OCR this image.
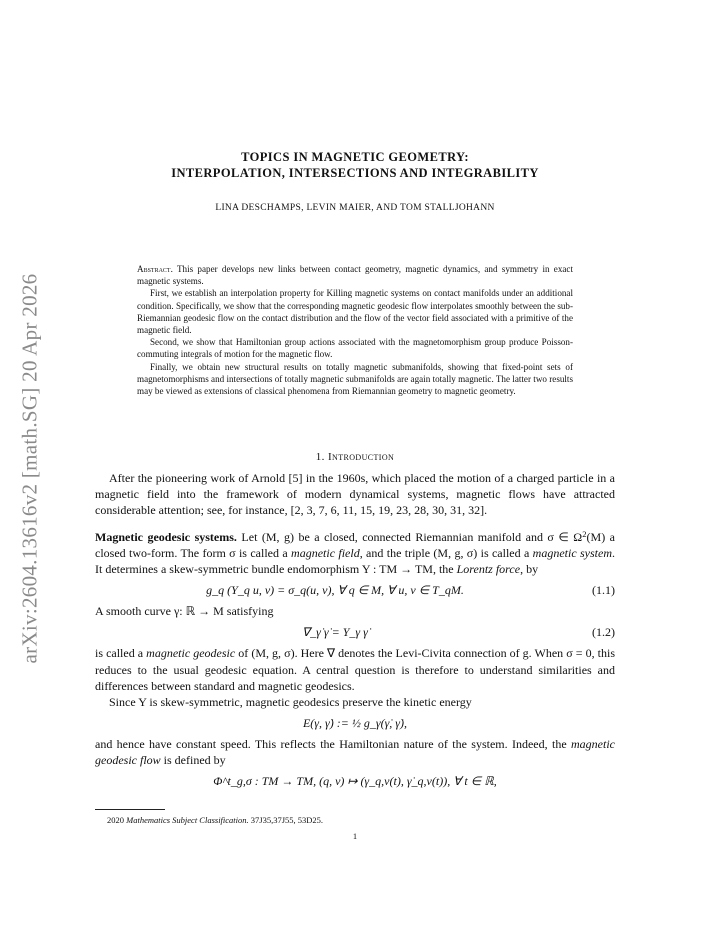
arXiv:2604.13616v2 [math.SG] 20 Apr 2026
TOPICS IN MAGNETIC GEOMETRY:
INTERPOLATION, INTERSECTIONS AND INTEGRABILITY
LINA DESCHAMPS, LEVIN MAIER, AND TOM STALLJOHANN

Abstract. This paper develops new links between contact geometry, magnetic dynamics, and symmetry in exact magnetic systems.

First, we establish an interpolation property for Killing magnetic systems on contact manifolds under an additional condition. Specifically, we show that the corresponding magnetic geodesic flow interpolates smoothly between the sub-Riemannian geodesic flow on the contact distribution and the flow of the vector field associated with a primitive of the magnetic field.

Second, we show that Hamiltonian group actions associated with the magnetomorphism group produce Poisson-commuting integrals of motion for the magnetic flow.

Finally, we obtain new structural results on totally magnetic submanifolds, showing that fixed-point sets of magnetomorphisms and intersections of totally magnetic submanifolds are again totally magnetic. The latter two results may be viewed as extensions of classical phenomena from Riemannian geometry to magnetic geometry.

1. Introduction

After the pioneering work of Arnold [5] in the 1960s, which placed the motion of a charged particle in a magnetic field into the framework of modern dynamical systems, magnetic flows have attracted considerable attention; see, for instance, [2, 3, 7, 6, 11, 15, 19, 23, 28, 30, 31, 32].

Magnetic geodesic systems. Let (M, g) be a closed, connected Riemannian manifold and σ ∈ $\Omega^2(M)$ a closed two-form. The form σ is called a magnetic field, and the triple (M, g, σ) is called a magnetic system. It determines a skew-symmetric bundle endomorphism Y : TM → TM, the Lorentz force, by

g_q (Y_q u, v) = σ_q(u, v), ∀ q ∈ M, ∀ u, v ∈ T_qM.	(1.1)

A smooth curve γ: ℝ → M satisfying

∇_γ̇ γ̇ = Y_γ γ̇	(1.2)

is called a magnetic geodesic of (M, g, σ). Here ∇ denotes the Levi-Civita connection of g. When σ = 0, this reduces to the usual geodesic equation. A central question is therefore to understand similarities and differences between standard and magnetic geodesics.

Since Y is skew-symmetric, magnetic geodesics preserve the kinetic energy

E(γ, γ̇) := ½ g_γ(γ̇, γ̇),

and hence have constant speed. This reflects the Hamiltonian nature of the system. Indeed, the magnetic geodesic flow is defined by

Φ^t_g,σ : TM → TM, (q, v) ↦ (γ_q,v(t), γ̇_q,v(t)), ∀ t ∈ ℝ,
2020 Mathematics Subject Classification. 37J35,37J55, 53D25.
1
